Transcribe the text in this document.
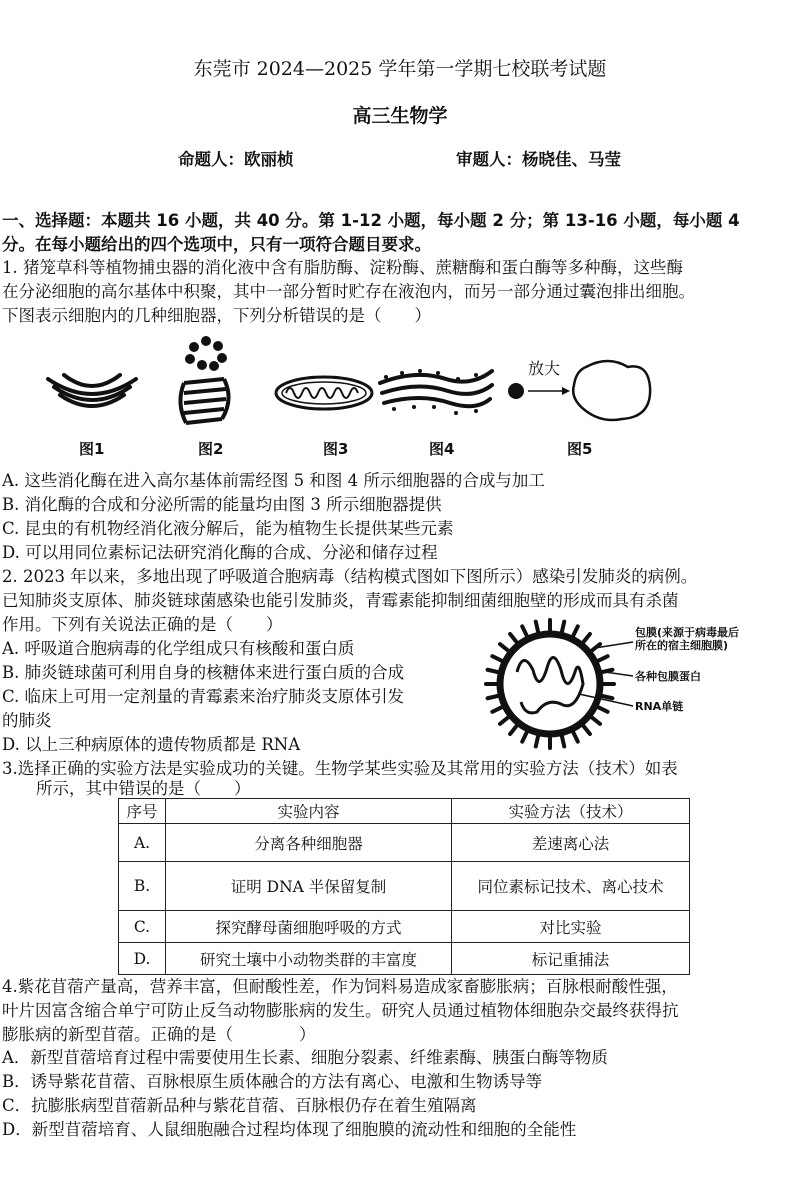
东莞市 2024—2025 学年第一学期七校联考试题
高三生物学
命题人：欧丽桢	审题人：杨晓佳、马莹
一、选择题：本题共 16 小题，共 40 分。第 1-12 小题，每小题 2 分；第 13-16 小题，每小题 4
分。在每小题给出的四个选项中，只有一项符合题目要求。
1. 猪笼草科等植物捕虫器的消化液中含有脂肪酶、淀粉酶、蔗糖酶和蛋白酶等多种酶，这些酶
在分泌细胞的高尔基体中积聚，其中一部分暂时贮存在液泡内，而另一部分通过囊泡排出细胞。
下图表示细胞内的几种细胞器，下列分析错误的是（　　）
放大
图1	图2	图3	图4	图5
A. 这些消化酶在进入高尔基体前需经图 5 和图 4 所示细胞器的合成与加工
B. 消化酶的合成和分泌所需的能量均由图 3 所示细胞器提供
C. 昆虫的有机物经消化液分解后，能为植物生长提供某些元素
D. 可以用同位素标记法研究消化酶的合成、分泌和储存过程
2. 2023 年以来，多地出现了呼吸道合胞病毒（结构模式图如下图所示）感染引发肺炎的病例。
已知肺炎支原体、肺炎链球菌感染也能引发肺炎，青霉素能抑制细菌细胞壁的形成而具有杀菌
作用。下列有关说法正确的是（　　）
A. 呼吸道合胞病毒的化学组成只有核酸和蛋白质
B. 肺炎链球菌可利用自身的核糖体来进行蛋白质的合成
C. 临床上可用一定剂量的青霉素来治疗肺炎支原体引发
的肺炎
D. 以上三种病原体的遗传物质都是 RNA
包膜(来源于病毒最后
所在的宿主细胞膜)
各种包膜蛋白
RNA单链
3.选择正确的实验方法是实验成功的关键。生物学某些实验及其常用的实验方法（技术）如表
所示，其中错误的是（　　）
序号	实验内容	实验方法（技术）
A.	分离各种细胞器	差速离心法
B.	证明 DNA 半保留复制	同位素标记技术、离心技术
C.	探究酵母菌细胞呼吸的方式	对比实验
D.	研究土壤中小动物类群的丰富度	标记重捕法
4.紫花苜蓿产量高，营养丰富，但耐酸性差，作为饲料易造成家畜膨胀病；百脉根耐酸性强，
叶片因富含缩合单宁可防止反刍动物膨胀病的发生。研究人员通过植物体细胞杂交最终获得抗
膨胀病的新型苜蓿。正确的是（　　　　）
A．新型苜蓿培育过程中需要使用生长素、细胞分裂素、纤维素酶、胰蛋白酶等物质
B．诱导紫花苜蓿、百脉根原生质体融合的方法有离心、电激和生物诱导等
C．抗膨胀病型苜蓿新品种与紫花苜蓿、百脉根仍存在着生殖隔离
D．新型苜蓿培育、人鼠细胞融合过程均体现了细胞膜的流动性和细胞的全能性
